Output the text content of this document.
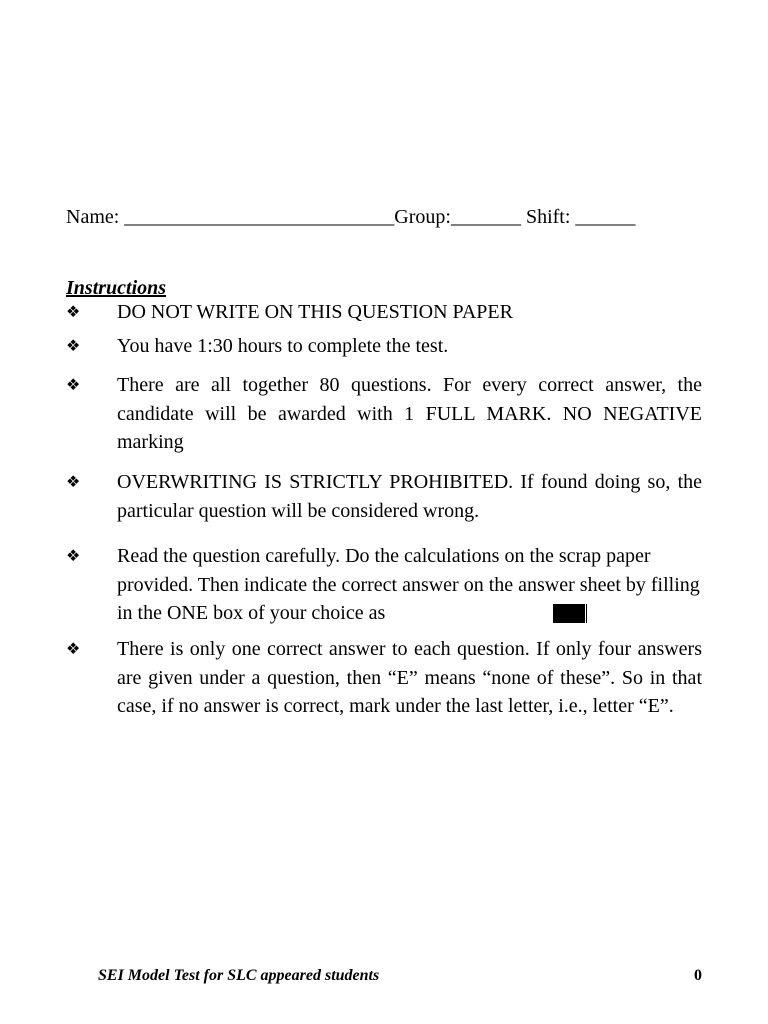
Name: ___________________________Group:_______ Shift: ______
Instructions
❖ DO NOT WRITE ON THIS QUESTION PAPER
❖ You have 1:30 hours to complete the test.
❖ There are all together 80 questions. For every correct answer, the candidate will be awarded with 1 FULL MARK. NO NEGATIVE marking
❖ OVERWRITING IS STRICTLY PROHIBITED. If found doing so, the particular question will be considered wrong.
❖ Read the question carefully. Do the calculations on the scrap paper provided. Then indicate the correct answer on the answer sheet by filling in the ONE box of your choice as
❖ There is only one correct answer to each question. If only four answers are given under a question, then “E” means “none of these”. So in that case, if no answer is correct, mark under the last letter, i.e., letter “E”.
SEI Model Test for SLC appeared students	0
